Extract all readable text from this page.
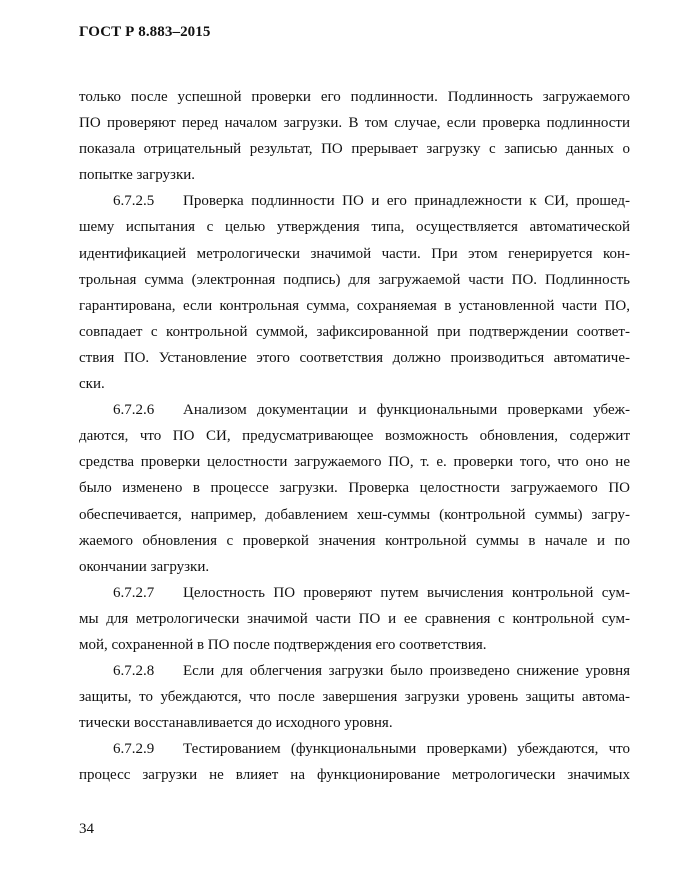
ГОСТ Р 8.883–2015
только после успешной проверки его подлинности. Подлинность загружаемого
ПО проверяют перед началом загрузки. В том случае, если проверка подлинности
показала отрицательный результат, ПО прерывает загрузку с записью данных о
попытке загрузки.
6.7.2.5 Проверка подлинности ПО и его принадлежности к СИ, прошед-
шему испытания с целью утверждения типа, осуществляется автоматической
идентификацией метрологически значимой части. При этом генерируется кон-
трольная сумма (электронная подпись) для загружаемой части ПО. Подлинность
гарантирована, если контрольная сумма, сохраняемая в установленной части ПО,
совпадает с контрольной суммой, зафиксированной при подтверждении соответ-
ствия ПО. Установление этого соответствия должно производиться автоматиче-
ски.
6.7.2.6 Анализом документации и функциональными проверками убеж-
даются, что ПО СИ, предусматривающее возможность обновления, содержит
средства проверки целостности загружаемого ПО, т. е. проверки того, что оно не
было изменено в процессе загрузки. Проверка целостности загружаемого ПО
обеспечивается, например, добавлением хеш-суммы (контрольной суммы) загру-
жаемого обновления с проверкой значения контрольной суммы в начале и по
окончании загрузки.
6.7.2.7 Целостность ПО проверяют путем вычисления контрольной сум-
мы для метрологически значимой части ПО и ее сравнения с контрольной сум-
мой, сохраненной в ПО после подтверждения его соответствия.
6.7.2.8 Если для облегчения загрузки было произведено снижение уровня
защиты, то убеждаются, что после завершения загрузки уровень защиты автома-
тически восстанавливается до исходного уровня.
6.7.2.9 Тестированием (функциональными проверками) убеждаются, что
процесс загрузки не влияет на функционирование метрологически значимых
34
